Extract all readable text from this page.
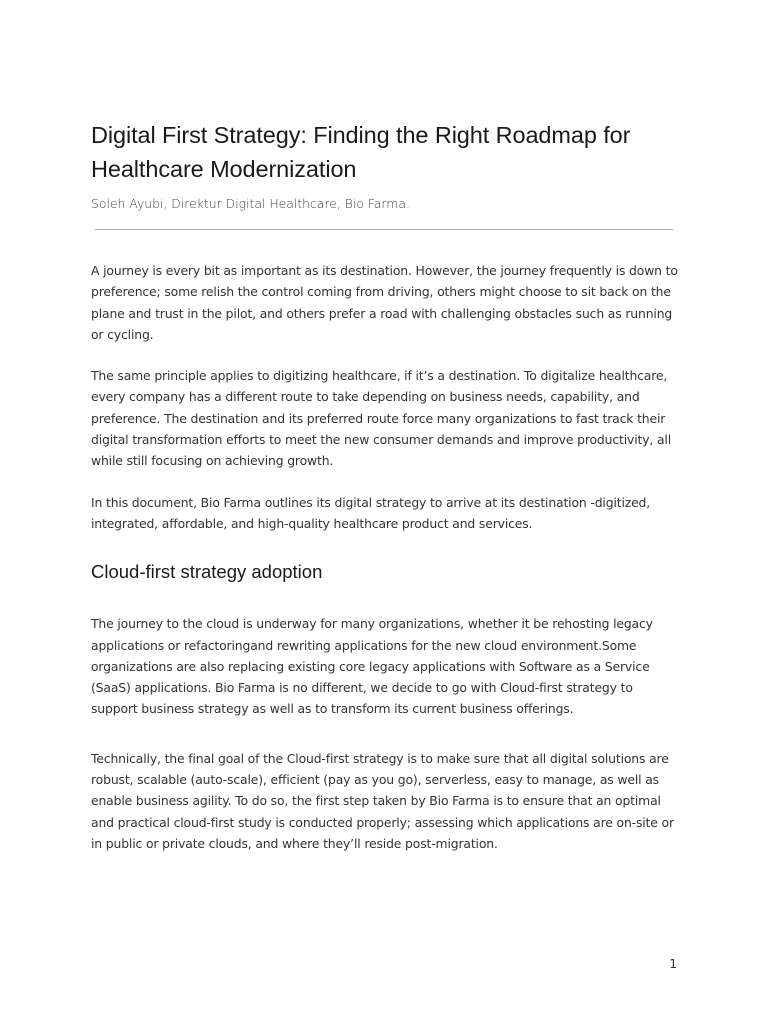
Digital First Strategy: Finding the Right Roadmap for Healthcare Modernization

Soleh Ayubi, Direktur Digital Healthcare, Bio Farma.

A journey is every bit as important as its destination. However, the journey frequently is down to preference; some relish the control coming from driving, others might choose to sit back on the plane and trust in the pilot, and others prefer a road with challenging obstacles such as running or cycling.

The same principle applies to digitizing healthcare, if it’s a destination. To digitalize healthcare, every company has a different route to take depending on business needs, capability, and preference. The destination and its preferred route force many organizations to fast track their digital transformation efforts to meet the new consumer demands and improve productivity, all while still focusing on achieving growth.

In this document, Bio Farma outlines its digital strategy to arrive at its destination -digitized, integrated, affordable, and high-quality healthcare product and services.

Cloud-first strategy adoption

The journey to the cloud is underway for many organizations, whether it be rehosting legacy applications or refactoringand rewriting applications for the new cloud environment.Some organizations are also replacing existing core legacy applications with Software as a Service (SaaS) applications. Bio Farma is no different, we decide to go with Cloud-first strategy to support business strategy as well as to transform its current business offerings.

Technically, the final goal of the Cloud-first strategy is to make sure that all digital solutions are robust, scalable (auto-scale), efficient (pay as you go), serverless, easy to manage, as well as enable business agility. To do so, the first step taken by Bio Farma is to ensure that an optimal and practical cloud-first study is conducted properly; assessing which applications are on-site or in public or private clouds, and where they’ll reside post-migration.

1
